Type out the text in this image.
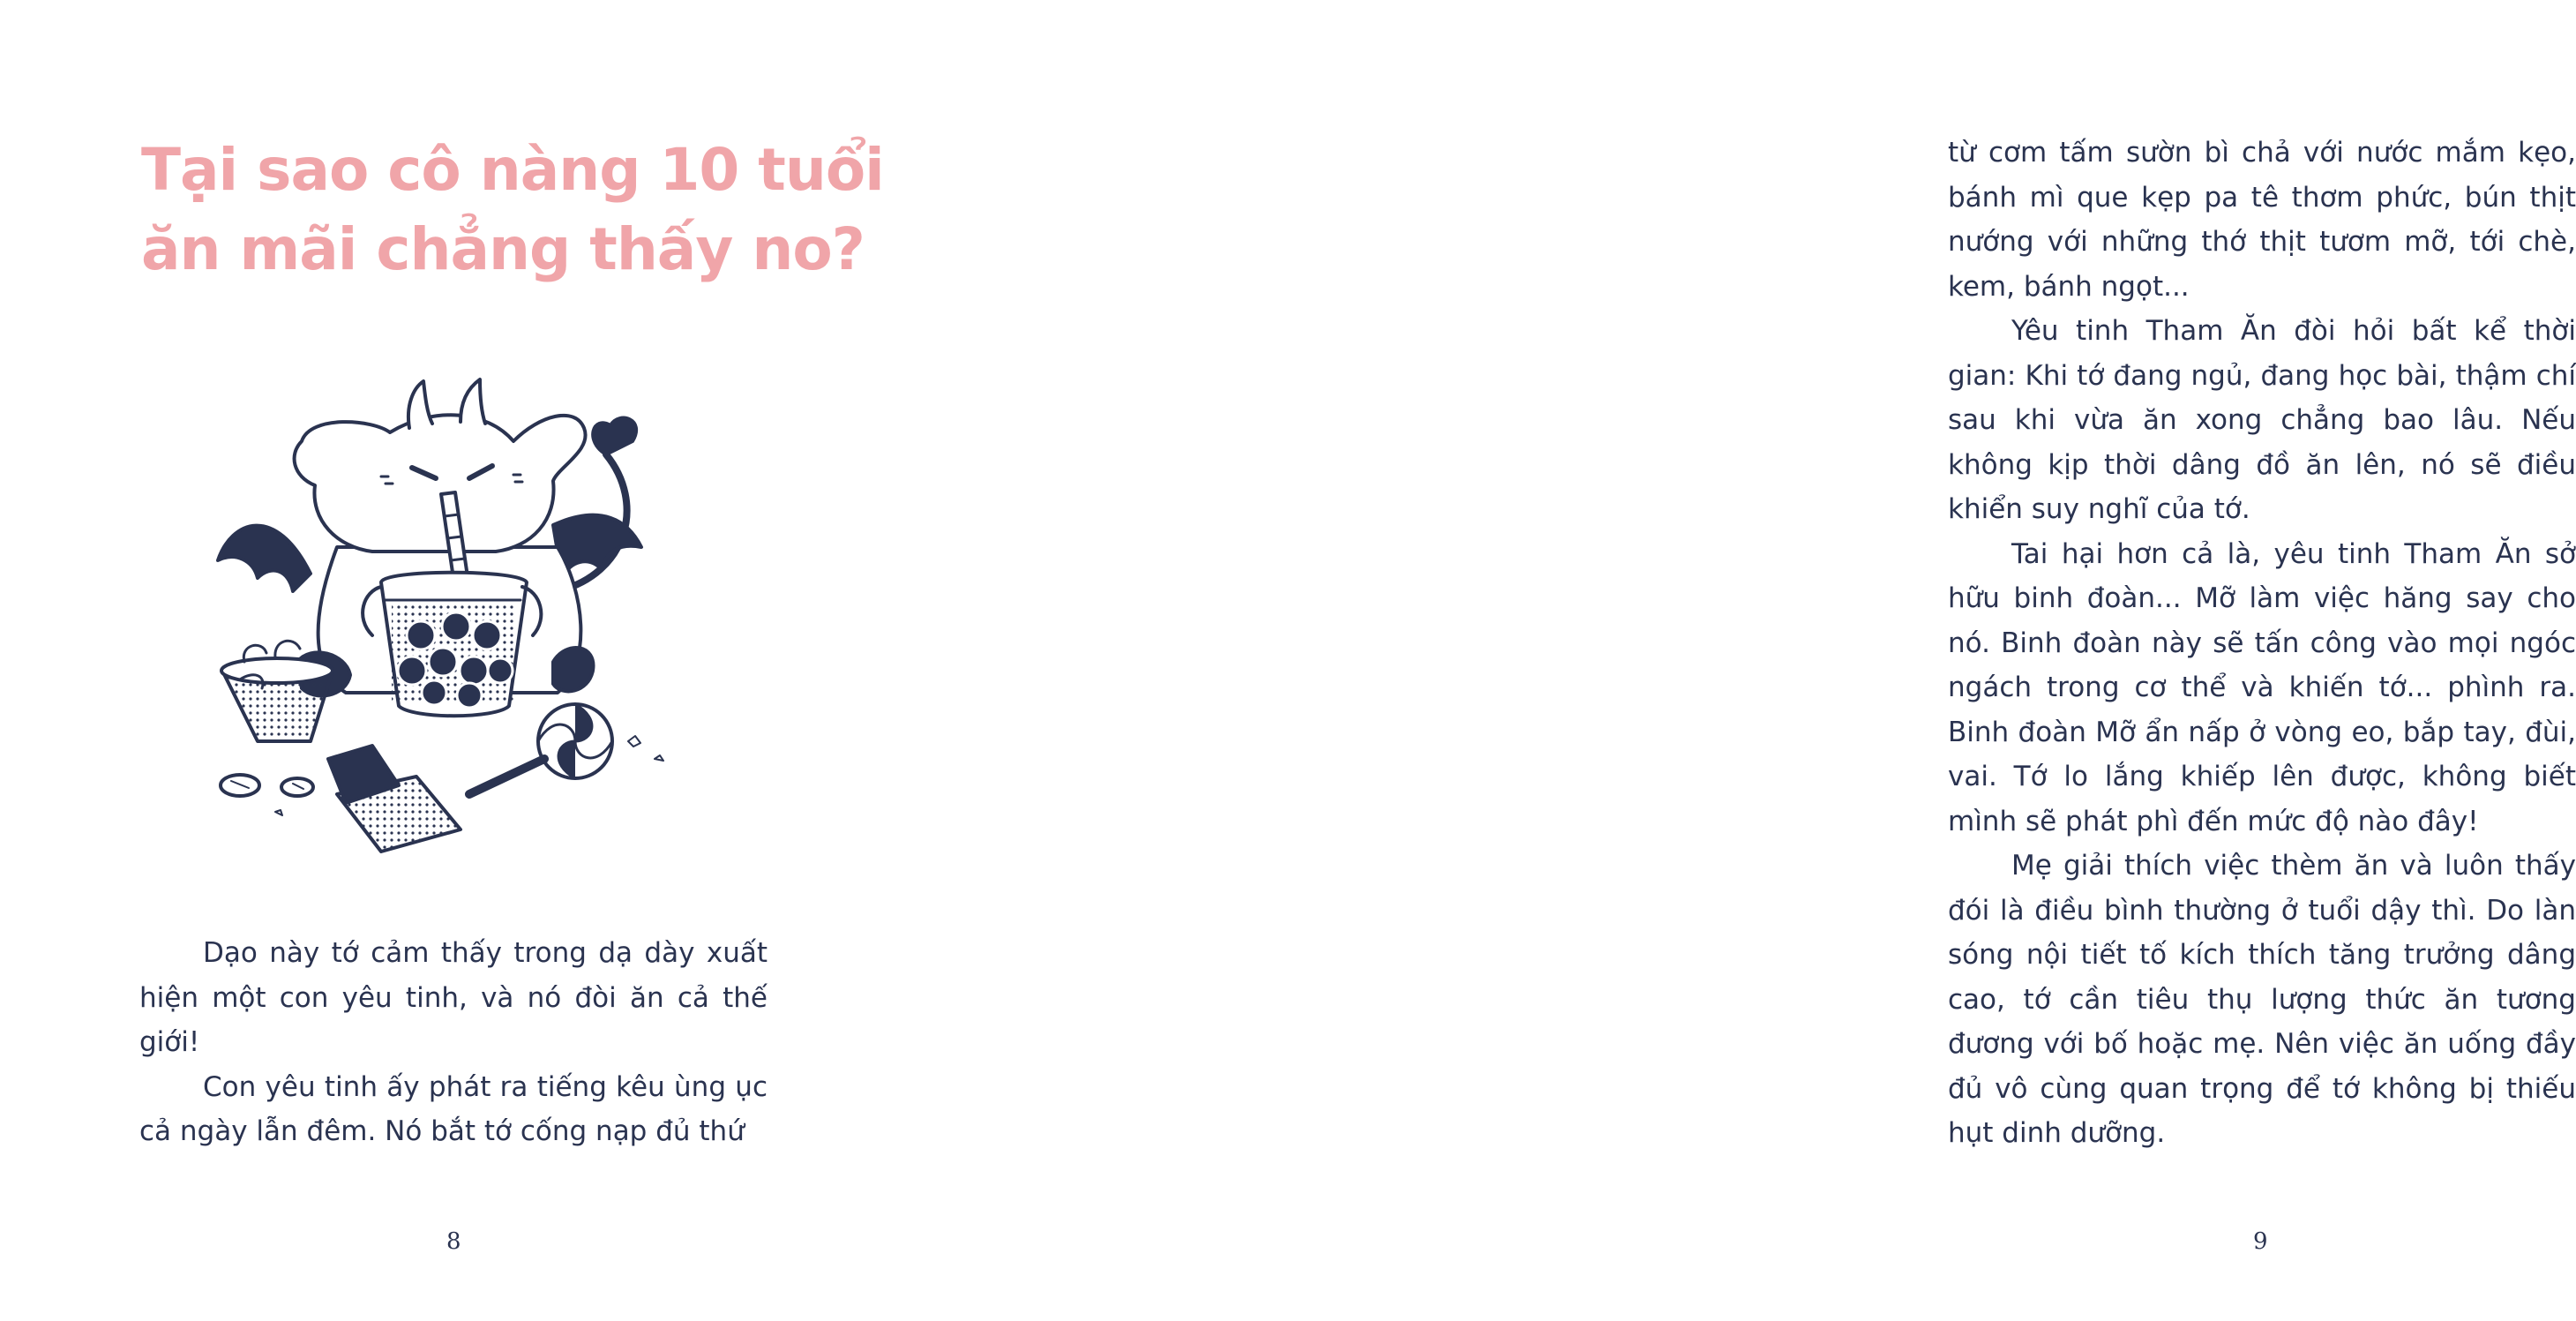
Tại sao cô nàng 10 tuổi
ăn mãi chẳng thấy no?

Dạo này tớ cảm thấy trong dạ dày xuất hiện một con yêu tinh, và nó đòi ăn cả thế giới!

Con yêu tinh ấy phát ra tiếng kêu ùng ục cả ngày lẫn đêm. Nó bắt tớ cống nạp đủ thứ

8

từ cơm tấm sườn bì chả với nước mắm kẹo, bánh mì que kẹp pa tê thơm phức, bún thịt nướng với những thớ thịt tươm mỡ, tới chè, kem, bánh ngọt...

Yêu tinh Tham Ăn đòi hỏi bất kể thời gian: Khi tớ đang ngủ, đang học bài, thậm chí sau khi vừa ăn xong chẳng bao lâu. Nếu không kịp thời dâng đồ ăn lên, nó sẽ điều khiển suy nghĩ của tớ.

Tai hại hơn cả là, yêu tinh Tham Ăn sở hữu binh đoàn... Mỡ làm việc hăng say cho nó. Binh đoàn này sẽ tấn công vào mọi ngóc ngách trong cơ thể và khiến tớ... phình ra. Binh đoàn Mỡ ẩn nấp ở vòng eo, bắp tay, đùi, vai. Tớ lo lắng khiếp lên được, không biết mình sẽ phát phì đến mức độ nào đây!

Mẹ giải thích việc thèm ăn và luôn thấy đói là điều bình thường ở tuổi dậy thì. Do làn sóng nội tiết tố kích thích tăng trưởng dâng cao, tớ cần tiêu thụ lượng thức ăn tương đương với bố hoặc mẹ. Nên việc ăn uống đầy đủ vô cùng quan trọng để tớ không bị thiếu hụt dinh dưỡng.

9
